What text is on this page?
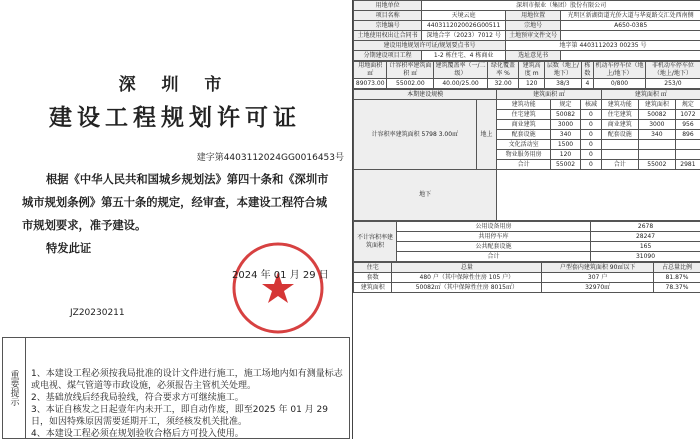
深 圳 市
建设工程规划许可证
建字第4403112024GG0016453号
根据《中华人民共和国城乡规划法》第四十条和《深圳市城市规划条例》第五十条的规定，经审查，本建设工程符合城市规划要求，准予建设。
特发此证
2024 年 01 月 29 日
JZ20230211
重要提示	1、本建设工程必须按我局批准的设计文件进行施工，施工场地内如有测量标志或电视、煤气管道等市政设施，必须报告主管机关处理。
2、基础放线后经我局验线，符合要求方可继续施工。
3、本证自核发之日起壹年内未开工，即自动作废，即至2025 年 01 月 29 日，如因特殊原因需要延期开工，须经核发机关批准。
4、本建设工程必须在规划验收合格后方可投入使用。
用地单位	深圳市振业（集团）股份有限公司		
项目名称	天境云庭	用地位置	光明区新湖街道光侨大道与华夏路交汇处西南侧
宗地编号	4403112020026G00511	宗地号	A650-0385
土地使用权出让合同书	深地合字（2023）7012 号	土地预审文件文号	
建设用地规划许可证/规划要点书号		地字第 4403112023 00235 号	
分期建设项目工程	1-2 栋住宅、4 栋商业	选址意见书	
用地面积 ㎡	计容积率建筑面积 ㎡	建筑覆盖率（一/二级）	绿化覆盖率 %	建筑高度 m	层数（地上/地下）	栋数	机动车停车位（地上/地下）	非机动车停车位（地上/地下）
89073.00	55002.00	40.00/25.00	32.00	120	38/3	4	0/800	253/0
本期建设规模		建筑面积 ㎡			建筑面积 ㎡		
计容积率建筑面积 5798 3.00㎡	地上	建筑功能	规定	核减	建筑功能	建筑面积	规定
		住宅建筑	50082	0	住宅建筑	50082	1072
		商业建筑	3000	0	商业建筑	3000	956
		配套设施	340	0	配套设施	340	896
		文化活动室	1500	0			
		物业服务用房	120	0			
		合计	55002	0	合计	55002	2981
地下							
不计容积率建筑面积	公用设备用房	2678
	共用停车库	28247
	公共配套设施	165
	合计	31090
住宅	总量	户型套内建筑面积 90㎡以下	占总量比例
套数	480 户（其中保障性住房 105 户）	307 户	81.87%
建筑面积	50082㎡（其中保障性住房 8015㎡）	32970㎡	78.37%
